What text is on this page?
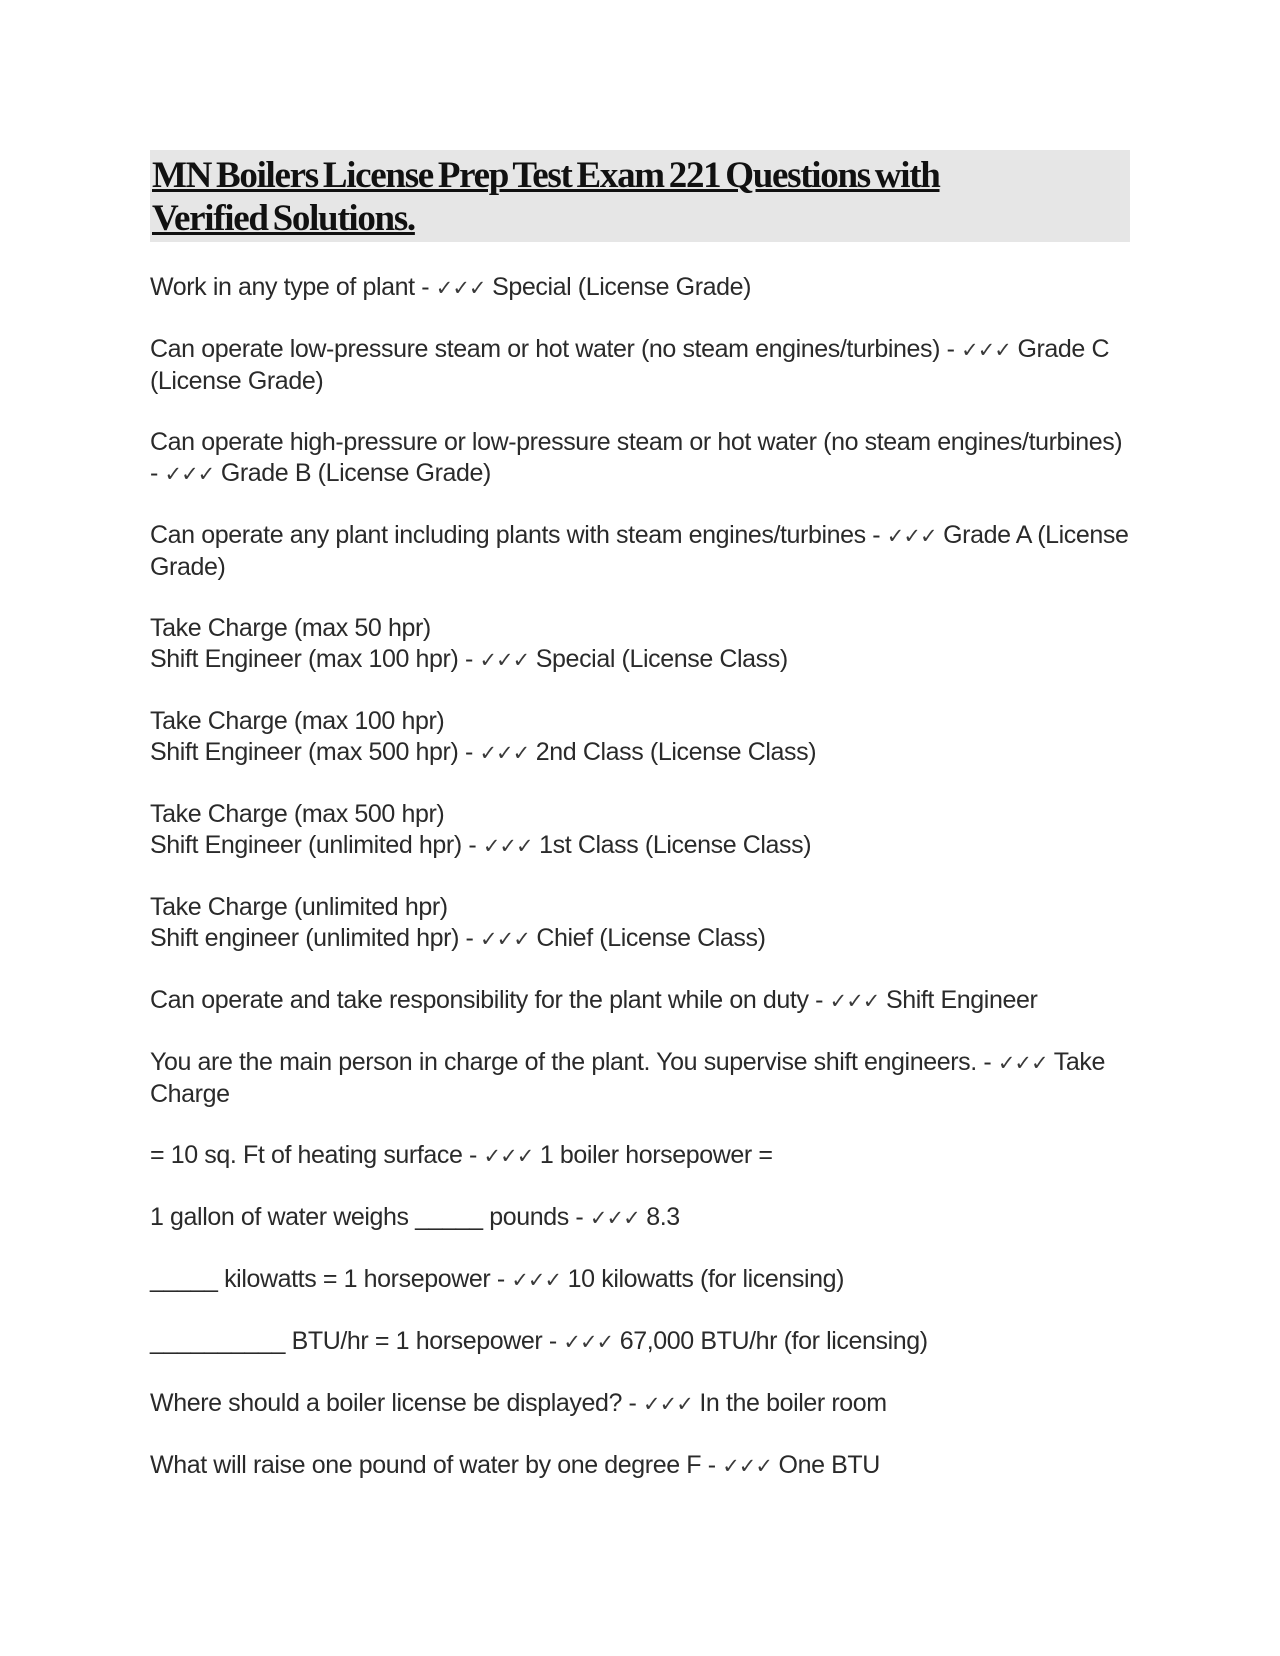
MN Boilers License Prep Test Exam 221 Questions with
Verified Solutions.

Work in any type of plant - ✓✓✓ Special (License Grade)

Can operate low-pressure steam or hot water (no steam engines/turbines) - ✓✓✓ Grade C (License Grade)

Can operate high-pressure or low-pressure steam or hot water (no steam engines/turbines) - ✓✓✓ Grade B (License Grade)

Can operate any plant including plants with steam engines/turbines - ✓✓✓ Grade A (License Grade)

Take Charge (max 50 hpr)
Shift Engineer (max 100 hpr) - ✓✓✓ Special (License Class)

Take Charge (max 100 hpr)
Shift Engineer (max 500 hpr) - ✓✓✓ 2nd Class (License Class)

Take Charge (max 500 hpr)
Shift Engineer (unlimited hpr) - ✓✓✓ 1st Class (License Class)

Take Charge (unlimited hpr)
Shift engineer (unlimited hpr) - ✓✓✓ Chief (License Class)

Can operate and take responsibility for the plant while on duty - ✓✓✓ Shift Engineer

You are the main person in charge of the plant. You supervise shift engineers. - ✓✓✓ Take Charge

= 10 sq. Ft of heating surface - ✓✓✓ 1 boiler horsepower =

1 gallon of water weighs _____ pounds - ✓✓✓ 8.3

_____ kilowatts = 1 horsepower - ✓✓✓ 10 kilowatts (for licensing)

__________ BTU/hr = 1 horsepower - ✓✓✓ 67,000 BTU/hr (for licensing)

Where should a boiler license be displayed? - ✓✓✓ In the boiler room

What will raise one pound of water by one degree F - ✓✓✓ One BTU
